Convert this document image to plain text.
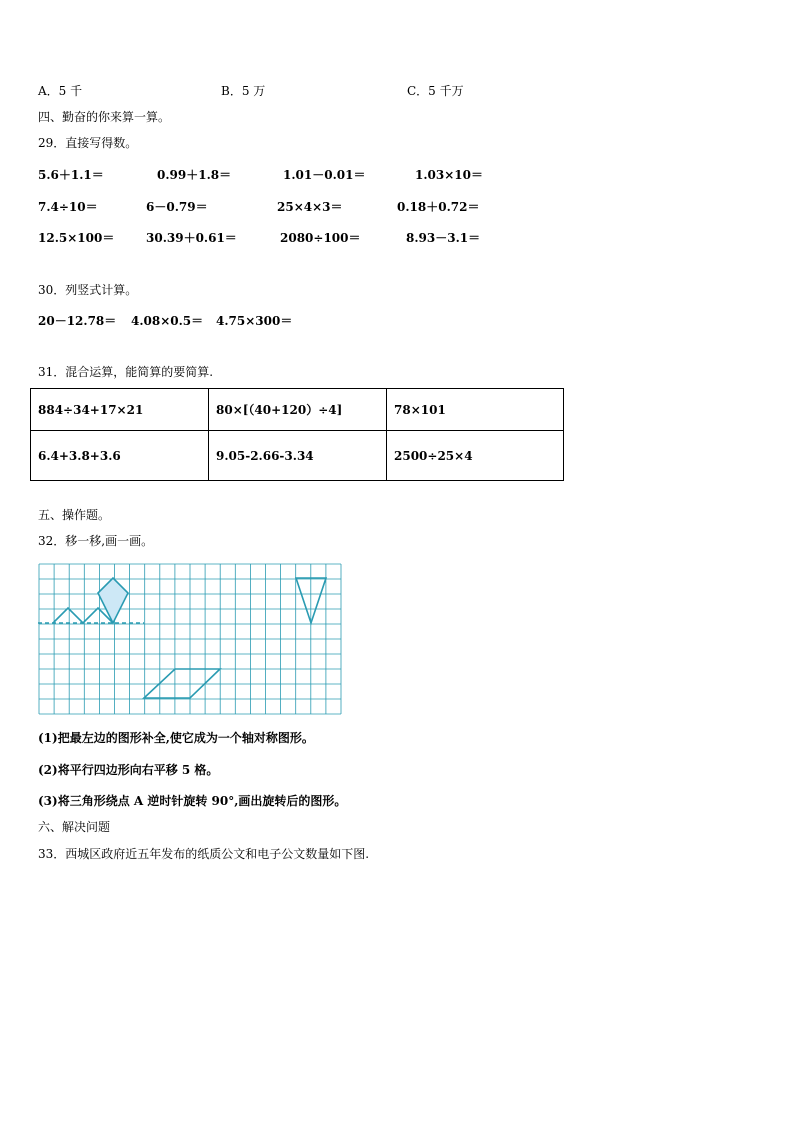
A．5 千	B．5 万	C．5 千万
四、勤奋的你来算一算。
29．直接写得数。
5.6＋1.1＝	0.99＋1.8＝	1.01－0.01＝	1.03×10＝
7.4÷10＝	6－0.79＝	25×4×3＝	0.18＋0.72＝
12.5×100＝	30.39＋0.61＝	2080÷100＝	8.93－3.1＝
30．列竖式计算。
20－12.78＝ 4.08×0.5＝ 4.75×300＝
31．混合运算，能简算的要简算.
884÷34+17×21	80×[（40+120）÷4]	78×101
6.4+3.8+3.6	9.05-2.66-3.34	2500÷25×4
五、操作题。
32．移一移,画一画。
(1)把最左边的图形补全,使它成为一个轴对称图形。
(2)将平行四边形向右平移 5 格。
(3)将三角形绕点 A 逆时针旋转 90°,画出旋转后的图形。
六、解决问题
33．西城区政府近五年发布的纸质公文和电子公文数量如下图.
